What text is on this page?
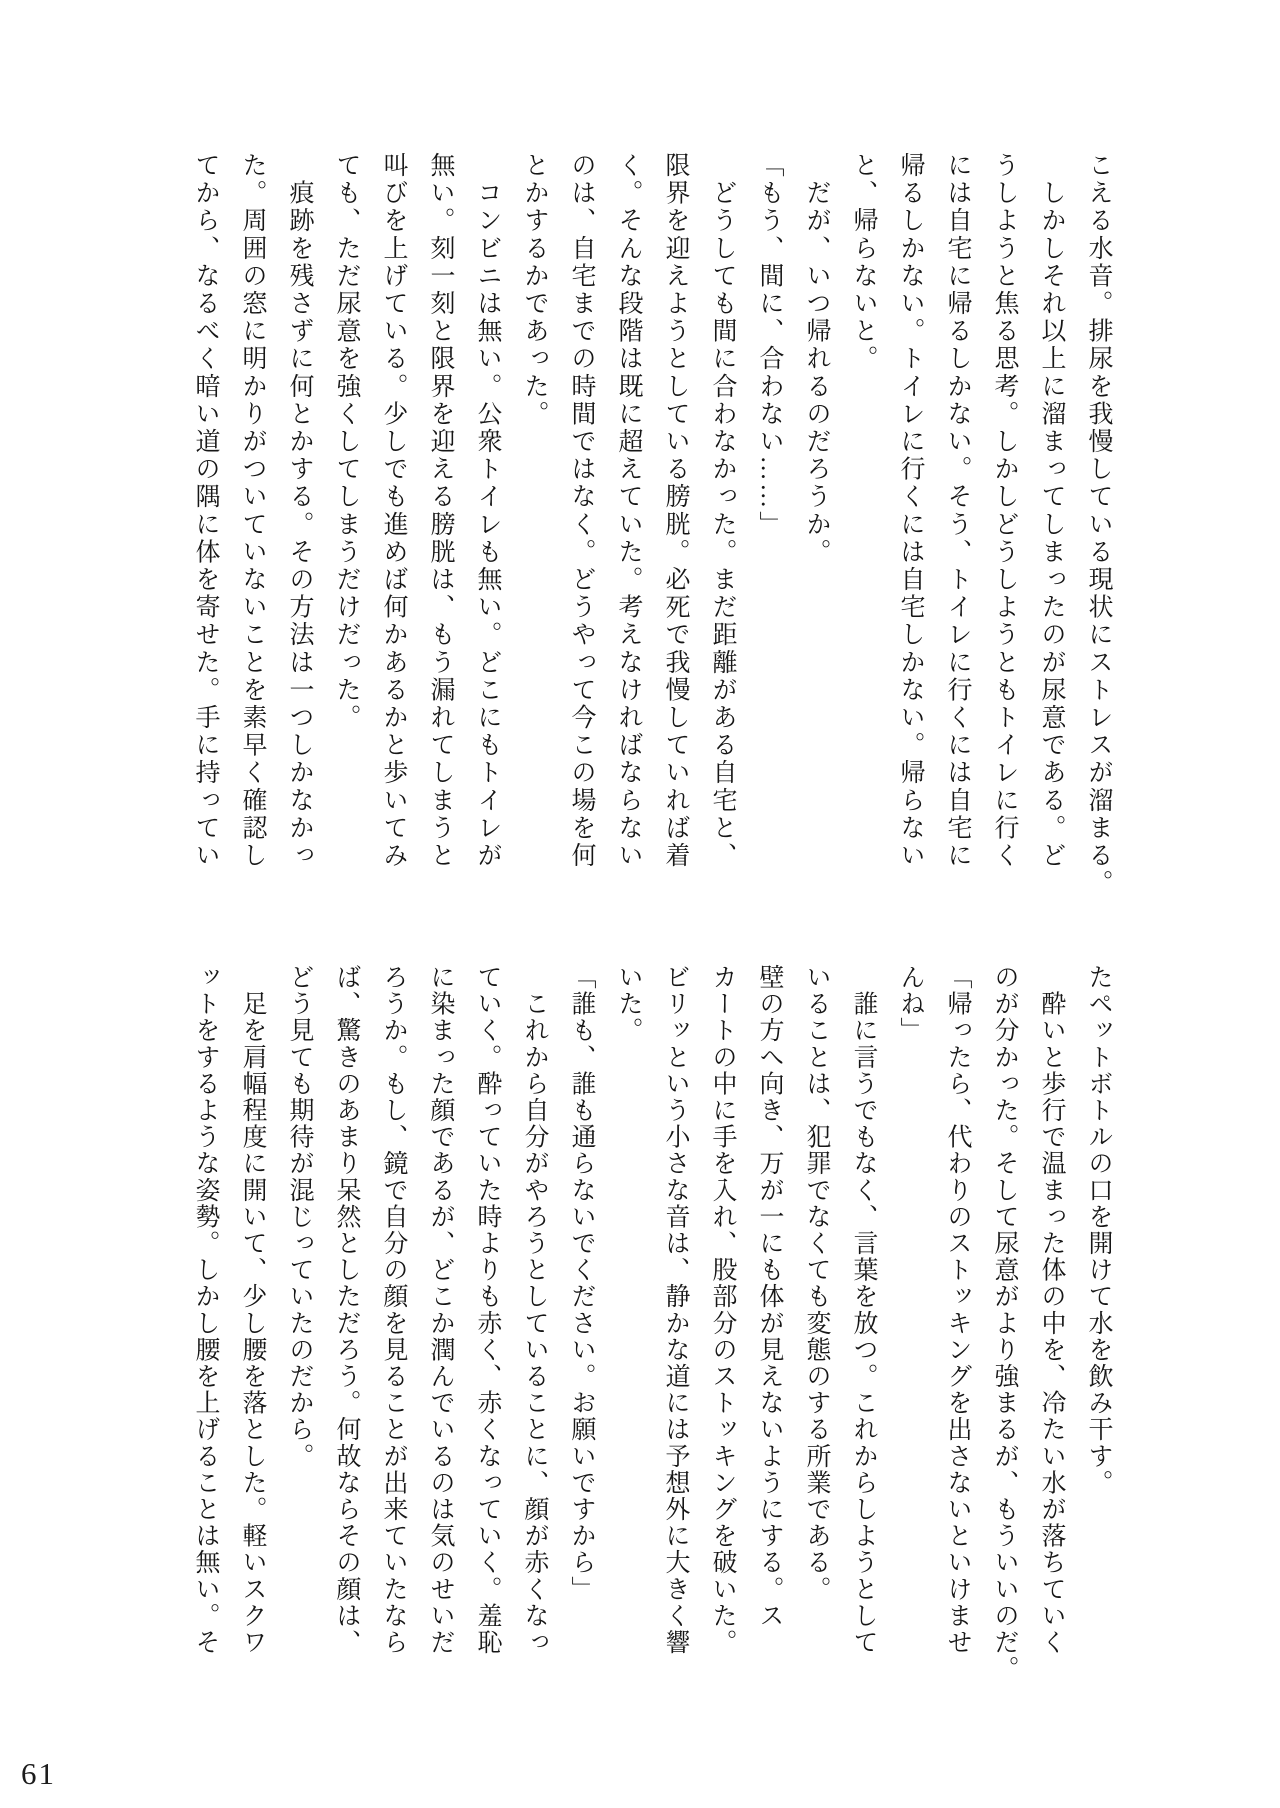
こえる水音。排尿を我慢している現状にストレスが溜まる。

　しかしそれ以上に溜まってしまったのが尿意である。ど

うしようと焦る思考。しかしどうしようともトイレに行く

には自宅に帰るしかない。そう、トイレに行くには自宅に

帰るしかない。トイレに行くには自宅しかない。帰らない

と、帰らないと。

　だが、いつ帰れるのだろうか。

「もう、間に、合わない……」

　どうしても間に合わなかった。まだ距離がある自宅と、

限界を迎えようとしている膀胱。必死で我慢していれば着

く。そんな段階は既に超えていた。考えなければならない

のは、自宅までの時間ではなく。どうやって今この場を何

とかするかであった。

　コンビニは無い。公衆トイレも無い。どこにもトイレが

無い。刻一刻と限界を迎える膀胱は、もう漏れてしまうと

叫びを上げている。少しでも進めば何かあるかと歩いてみ

ても、ただ尿意を強くしてしまうだけだった。

　痕跡を残さずに何とかする。その方法は一つしかなかっ

た。周囲の窓に明かりがついていないことを素早く確認し

てから、なるべく暗い道の隅に体を寄せた。手に持ってい

たペットボトルの口を開けて水を飲み干す。

　酔いと歩行で温まった体の中を、冷たい水が落ちていく

のが分かった。そして尿意がより強まるが、もういいのだ。

「帰ったら、代わりのストッキングを出さないといけませ

んね」

　誰に言うでもなく、言葉を放つ。これからしようとして

いることは、犯罪でなくても変態のする所業である。

壁の方へ向き、万が一にも体が見えないようにする。ス

カートの中に手を入れ、股部分のストッキングを破いた。

ビリッという小さな音は、静かな道には予想外に大きく響

いた。

「誰も、誰も通らないでください。お願いですから」

　これから自分がやろうとしていることに、顔が赤くなっ

ていく。酔っていた時よりも赤く、赤くなっていく。羞恥

に染まった顔であるが、どこか潤んでいるのは気のせいだ

ろうか。もし、鏡で自分の顔を見ることが出来ていたなら

ば、驚きのあまり呆然としただろう。何故ならその顔は、

どう見ても期待が混じっていたのだから。

　足を肩幅程度に開いて、少し腰を落とした。軽いスクワ

ットをするような姿勢。しかし腰を上げることは無い。そ

61
